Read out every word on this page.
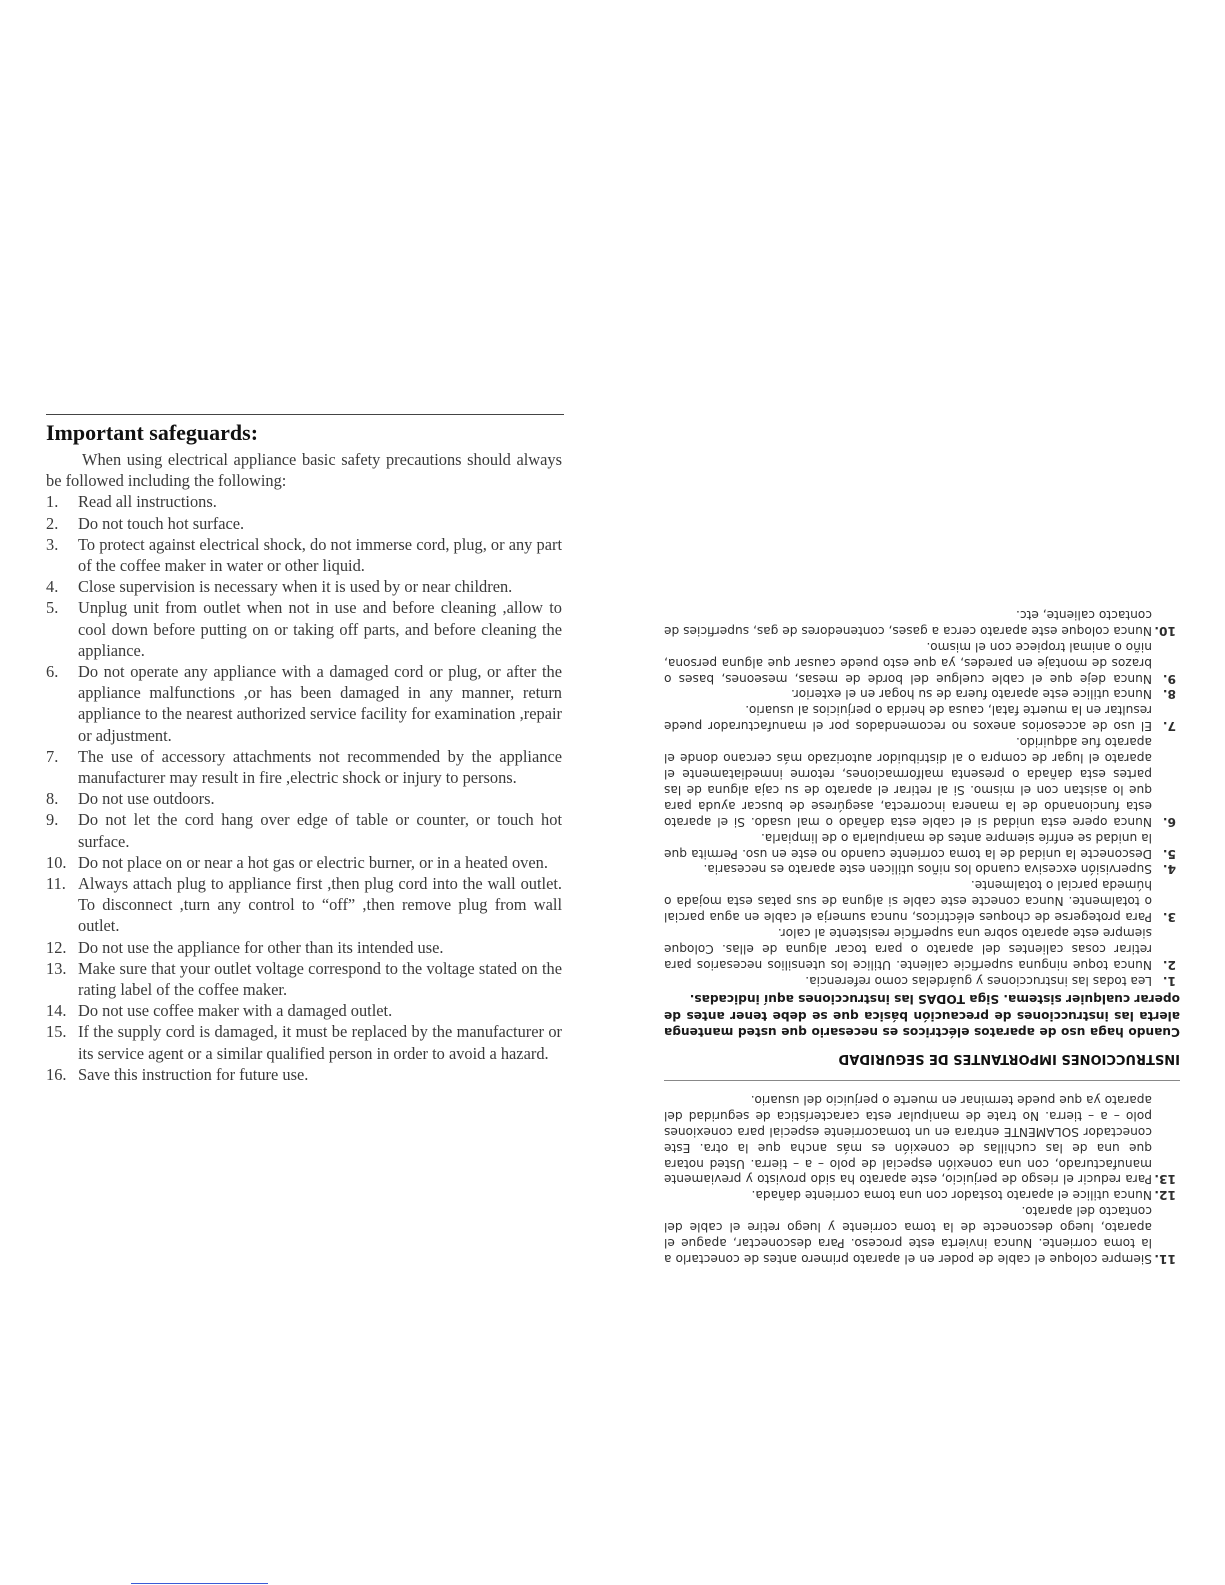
Important safeguards:

When using electrical appliance basic safety precautions should always be followed including the following:

1. Read all instructions.
2. Do not touch hot surface.
3. To protect against electrical shock, do not immerse cord, plug, or any part of the coffee maker in water or other liquid.
4. Close supervision is necessary when it is used by or near children.
5. Unplug unit from outlet when not in use and before cleaning ,allow to cool down before putting on or taking off parts, and before cleaning the appliance.
6. Do not operate any appliance with a damaged cord or plug, or after the appliance malfunctions ,or has been damaged in any manner, return appliance to the nearest authorized service facility for examination ,repair or adjustment.
7. The use of accessory attachments not recommended by the appliance manufacturer may result in fire ,electric shock or injury to persons.
8. Do not use outdoors.
9. Do not let the cord hang over edge of table or counter, or touch hot surface.
10. Do not place on or near a hot gas or electric burner, or in a heated oven.
11. Always attach plug to appliance first ,then plug cord into the wall outlet. To disconnect ,turn any control to “off” ,then remove plug from wall outlet.
12. Do not use the appliance for other than its intended use.
13. Make sure that your outlet voltage correspond to the voltage stated on the rating label of the coffee maker.
14. Do not use coffee maker with a damaged outlet.
15. If the supply cord is damaged, it must be replaced by the manufacturer or its service agent or a similar qualified person in order to avoid a hazard.
16. Save this instruction for future use.
11.
Siempre coloque el cable de poder en el aparato primero antes de conectarlo a la toma corriente. Nunca invierta este proceso. Para desconectar, apague el aparato, luego desconecte de la toma corriente y luego retire el cable del contacto del aparato.
12.
Nunca utilice el aparato tostador con una toma corriente dañada.
13.
Para reducir el riesgo de perjuicio, este aparato ha sido provisto y previamente manufacturado, con una conexión especial de polo – a – tierra. Usted notara que una de las cuchillas de conexión es más ancha que la otra. Este conectador SOLAMENTE entrara en un tomacorriente especial para conexiones polo – a – tierra. No trate de manipular esta característica de seguridad del aparato ya que puede terminar en muerte o perjuicio del usuario.
INSTRUCCIONES IMPORTANTES DE SEGURIDAD

Cuando haga uso de aparatos eléctricos es necesario que usted mantenga alerta las instrucciones de precaución básica que se debe tener antes de operar cualquier sistema. Siga TODAS las instrucciones aquí indicadas.

1.
Lea todas las instrucciones y guárdelas como referencia.
2.
Nunca toque ninguna superficie caliente. Utilice los utensilios necesarios para retirar cosas calientes del aparato o para tocar alguna de ellas. Coloque siempre este aparato sobre una superficie resistente al calor.
3.
Para protegerse de choques eléctricos, nunca sumerja el cable en agua parcial o totalmente. Nunca conecte este cable si alguna de sus patas esta mojada o húmeda parcial o totalmente.
4.
Supervisión excesiva cuando los niños utilicen este aparato es necesaria.
5.
Desconecte la unidad de la toma corriente cuando no este en uso. Permita que la unidad se enfríe siempre antes de manipularla o de limpiarla.
6.
Nunca opere esta unidad si el cable esta dañado o mal usado. Si el aparato esta funcionando de la manera incorrecta, asegúrese de buscar ayuda para que lo asistan con el mismo. Si al retirar el aparato de su caja alguna de las partes esta dañada o presenta malformaciones, retorne inmediatamente el aparato el lugar de compra o al distribuidor autorizado más cercano donde el aparato fue adquirido.
7.
El uso de accesorios anexos no recomendados por el manufacturador puede resultar en la muerte fatal, causa de herida o perjuicios al usuario.
8.
Nunca utilice este aparato fuera de su hogar en el exterior.
9.
Nunca deje que el cable cuelgue del borde de mesas, meseones, bases o brazos de montaje en paredes, ya que esto puede causar que alguna persona, niño o animal tropiece con el mismo.
10.
Nunca coloque este aparato cerca a gases, contenedores de gas, superficies de contacto caliente, etc.
